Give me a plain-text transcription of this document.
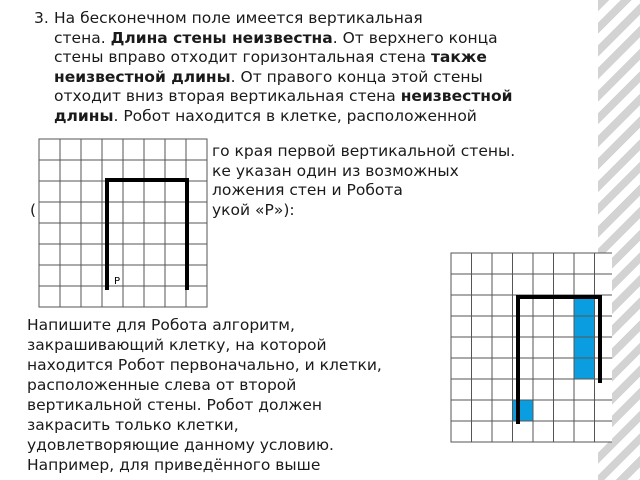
3. На бесконечном поле имеется вертикальная

стена. Длина стены неизвестна. От верхнего конца

стены вправо отходит горизонтальная стена также

неизвестной длины. От правого конца этой стены

отходит вниз вторая вертикальная стена неизвестной

длины. Робот находится в клетке, расположенной

го края первой вертикальной стены.

ке указан один из возможных

ложения стен и Робота

укой «Р»):

(

Напишите для Робота алгоритм,

закрашивающий клетку, на которой

находится Робот первоначально, и клетки,

расположенные слева от второй

вертикальной стены. Робот должен

закрасить только клетки,

удовлетворяющие данному условию.

Например, для приведённого выше

Р
